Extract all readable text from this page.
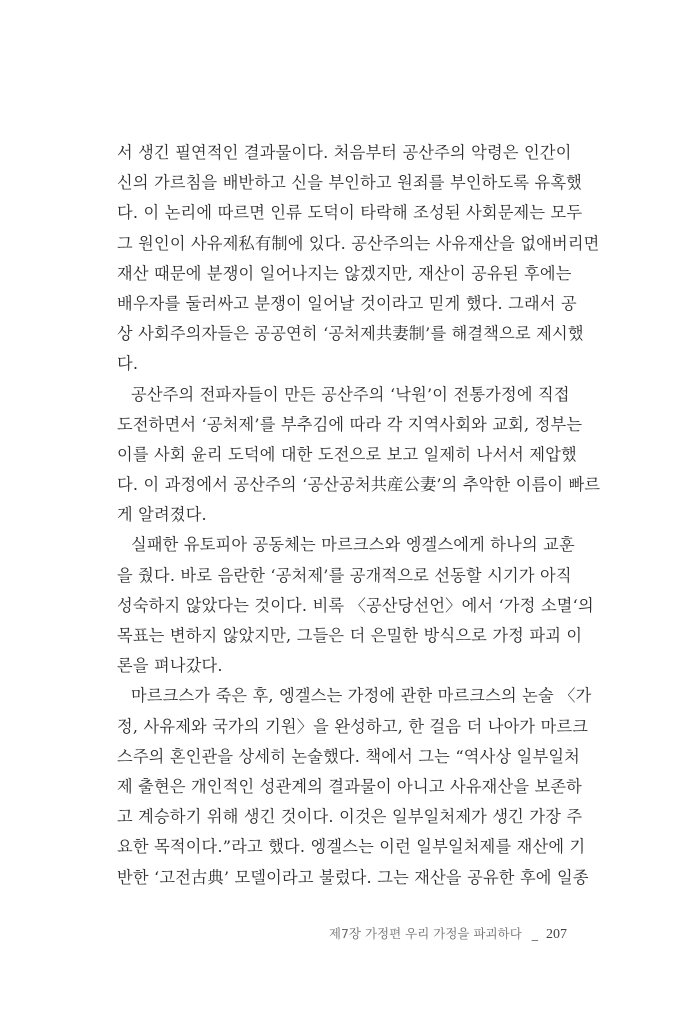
서 생긴 필연적인 결과물이다. 처음부터 공산주의 악령은 인간이
신의 가르침을 배반하고 신을 부인하고 원죄를 부인하도록 유혹했
다. 이 논리에 따르면 인류 도덕이 타락해 조성된 사회문제는 모두
그 원인이 사유제私有制에 있다. 공산주의는 사유재산을 없애버리면
재산 때문에 분쟁이 일어나지는 않겠지만, 재산이 공유된 후에는
배우자를 둘러싸고 분쟁이 일어날 것이라고 믿게 했다. 그래서 공
상 사회주의자들은 공공연히 ‘공처제共妻制’를 해결책으로 제시했
다.
공산주의 전파자들이 만든 공산주의 ‘낙원’이 전통가정에 직접
도전하면서 ‘공처제’를 부추김에 따라 각 지역사회와 교회, 정부는
이를 사회 윤리 도덕에 대한 도전으로 보고 일제히 나서서 제압했
다. 이 과정에서 공산주의 ‘공산공처共産公妻’의 추악한 이름이 빠르
게 알려졌다.
실패한 유토피아 공동체는 마르크스와 엥겔스에게 하나의 교훈
을 줬다. 바로 음란한 ‘공처제’를 공개적으로 선동할 시기가 아직
성숙하지 않았다는 것이다. 비록 〈공산당선언〉에서 ‘가정 소멸‘의
목표는 변하지 않았지만, 그들은 더 은밀한 방식으로 가정 파괴 이
론을 펴나갔다.
마르크스가 죽은 후, 엥겔스는 가정에 관한 마르크스의 논술 〈가
정, 사유제와 국가의 기원〉을 완성하고, 한 걸음 더 나아가 마르크
스주의 혼인관을 상세히 논술했다. 책에서 그는 “역사상 일부일처
제 출현은 개인적인 성관계의 결과물이 아니고 사유재산을 보존하
고 계승하기 위해 생긴 것이다. 이것은 일부일처제가 생긴 가장 주
요한 목적이다.”라고 했다. 엥겔스는 이런 일부일처제를 재산에 기
반한 ‘고전古典’ 모델이라고 불렀다. 그는 재산을 공유한 후에 일종
제7장 가정편 우리 가정을 파괴하다 _ 207
